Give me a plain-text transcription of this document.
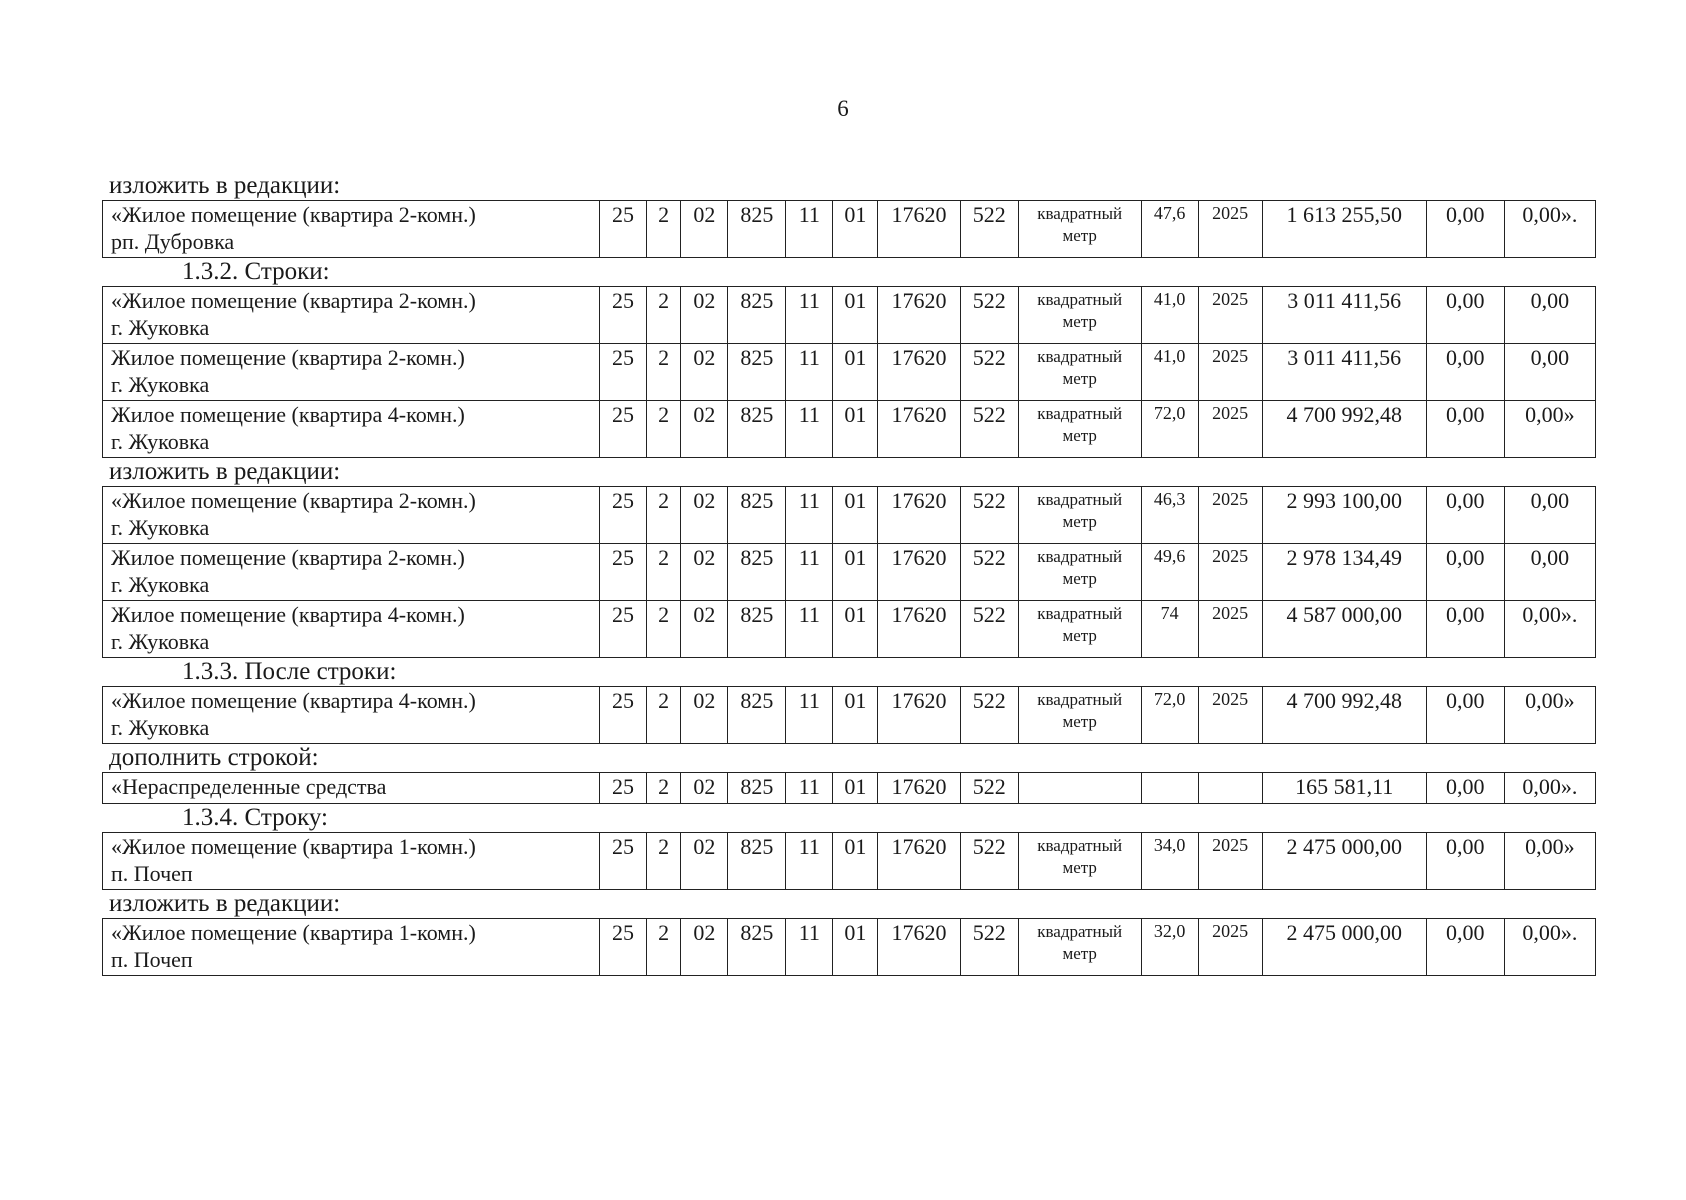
6
изложить в редакции:
«Жилое помещение (квартира 2-комн.)
рп. Дубровка
	25	2	02	825	11	01	17620	522	квадратный
метр
	47,6	2025	1 613 255,50	0,00	0,00».
1.3.2. Строки:
«Жилое помещение (квартира 2-комн.)
г. Жуковка	25	2	02	825	11	01	17620	522	квадратный
метр	41,0	2025	3 011 411,56	0,00	0,00

Жилое помещение (квартира 2-комн.)
г. Жуковка	25	2	02	825	11	01	17620	522	квадратный
метр	41,0	2025	3 011 411,56	0,00	0,00

Жилое помещение (квартира 4-комн.)
г. Жуковка	25	2	02	825	11	01	17620	522	квадратный
метр	72,0	2025	4 700 992,48	0,00	0,00»
изложить в редакции:
«Жилое помещение (квартира 2-комн.)
г. Жуковка	25	2	02	825	11	01	17620	522	квадратный
метр	46,3	2025	2 993 100,00	0,00	0,00

Жилое помещение (квартира 2-комн.)
г. Жуковка	25	2	02	825	11	01	17620	522	квадратный
метр	49,6	2025	2 978 134,49	0,00	0,00

Жилое помещение (квартира 4-комн.)
г. Жуковка	25	2	02	825	11	01	17620	522	квадратный
метр	74	2025	4 587 000,00	0,00	0,00».
1.3.3. После строки:
«Жилое помещение (квартира 4-комн.)
г. Жуковка
	25	2	02	825	11	01	17620	522	квадратный
метр
	72,0	2025	4 700 992,48	0,00	0,00»
дополнить строкой:
«Нераспределенные средства	25	2	02	825	11	01	17620	522				165 581,11	0,00	0,00».
1.3.4. Строку:
«Жилое помещение (квартира 1-комн.)
п. Почеп
	25	2	02	825	11	01	17620	522	квадратный
метр
	34,0	2025	2 475 000,00	0,00	0,00»
изложить в редакции:
«Жилое помещение (квартира 1-комн.)
п. Почеп
	25	2	02	825	11	01	17620	522	квадратный
метр
	32,0	2025	2 475 000,00	0,00	0,00».
